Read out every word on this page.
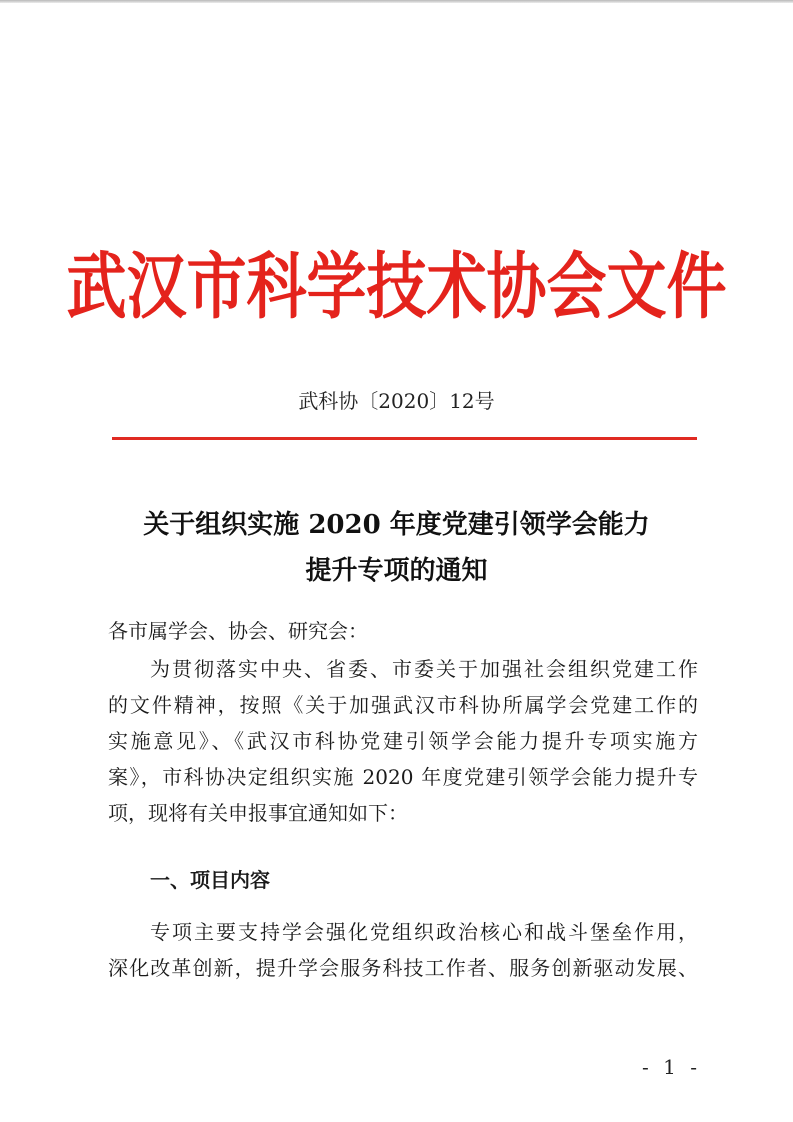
武汉市科学技术协会文件
武科协〔2020〕12号
关于组织实施 2020 年度党建引领学会能力
提升专项的通知
各市属学会、协会、研究会：
为贯彻落实中央、省委、市委关于加强社会组织党建工作
的文件精神，按照《关于加强武汉市科协所属学会党建工作的
实施意见》、《武汉市科协党建引领学会能力提升专项实施方
案》，市科协决定组织实施 2020 年度党建引领学会能力提升专
项，现将有关申报事宜通知如下：
一、项目内容
专项主要支持学会强化党组织政治核心和战斗堡垒作用，
深化改革创新，提升学会服务科技工作者、服务创新驱动发展、
- 1 -
